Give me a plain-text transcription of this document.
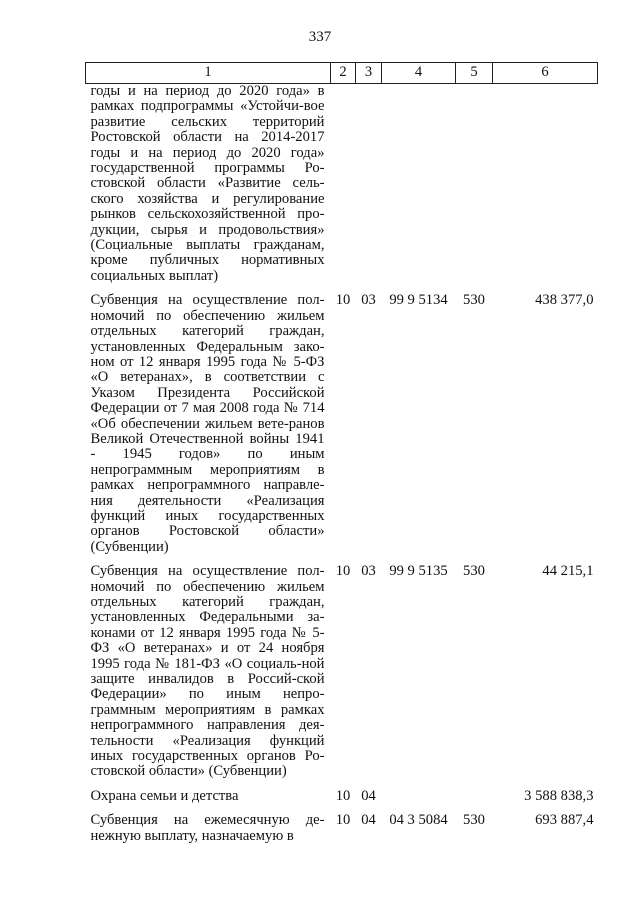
337
1	2	3	4	5	6
годы и на период до 2020 года» в рамках подпрограммы «Устойчи-вое развитие сельских территорий Ростовской области на 2014-2017 годы и на период до 2020 года» государственной программы Ро-стовской области «Развитие сель-ского хозяйства и регулирование рынков сельскохозяйственной про-дукции, сырья и продовольствия» (Социальные выплаты гражданам, кроме публичных нормативных социальных выплат)					

Субвенция на осуществление пол-номочий по обеспечению жильем отдельных категорий граждан, установленных Федеральным зако-ном от 12 января 1995 года № 5-ФЗ «О ветеранах», в соответствии с Указом Президента Российской Федерации от 7 мая 2008 года № 714 «Об обеспечении жильем вете-ранов Великой Отечественной войны 1941 - 1945 годов» по иным непрограммным мероприятиям в рамках непрограммного направле-ния деятельности «Реализация функций иных государственных органов Ростовской области» (Субвенции)	10	03	99 9 5134	530	438 377,0

Субвенция на осуществление пол-номочий по обеспечению жильем отдельных категорий граждан, установленных Федеральными за-конами от 12 января 1995 года № 5-ФЗ «О ветеранах» и от 24 ноября 1995 года № 181-ФЗ «О социаль-ной защите инвалидов в Россий-ской Федерации» по иным непро-граммным мероприятиям в рамках непрограммного направления дея-тельности «Реализация функций иных государственных органов Ро-стовской области» (Субвенции)	10	03	99 9 5135	530	44 215,1

Охрана семьи и детства	10	04			3 588 838,3

Субвенция на ежемесячную де-нежную выплату, назначаемую в	10	04	04 3 5084	530	693 887,4
